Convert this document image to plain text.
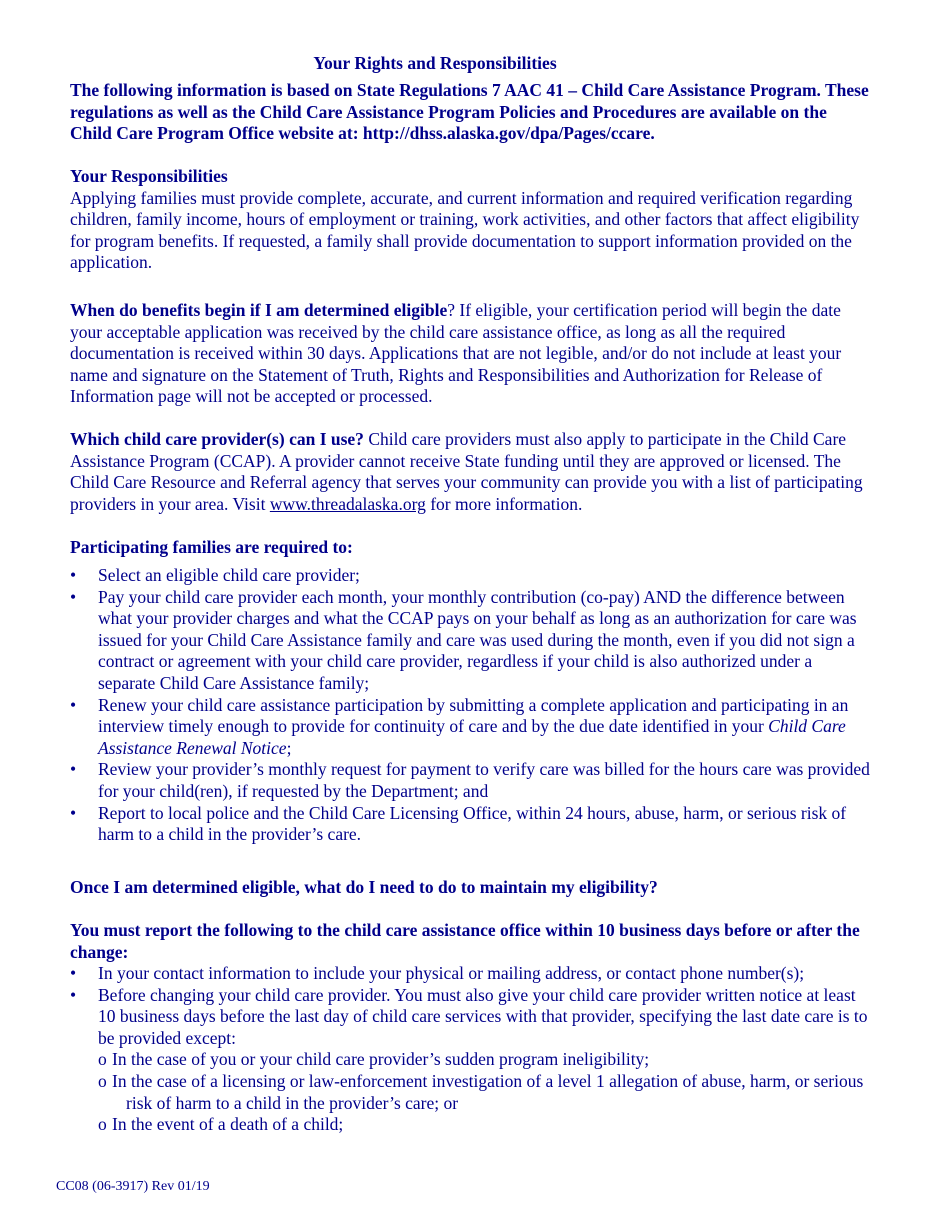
Your Rights and Responsibilities
The following information is based on State Regulations 7 AAC 41 – Child Care Assistance Program. These regulations as well as the Child Care Assistance Program Policies and Procedures are available on the Child Care Program Office website at: http://dhss.alaska.gov/dpa/Pages/ccare.
Your Responsibilities
Applying families must provide complete, accurate, and current information and required verification regarding children, family income, hours of employment or training, work activities, and other factors that affect eligibility for program benefits. If requested, a family shall provide documentation to support information provided on the application.
When do benefits begin if I am determined eligible? If eligible, your certification period will begin the date your acceptable application was received by the child care assistance office, as long as all the required documentation is received within 30 days. Applications that are not legible, and/or do not include at least your name and signature on the Statement of Truth, Rights and Responsibilities and Authorization for Release of Information page will not be accepted or processed.
Which child care provider(s) can I use? Child care providers must also apply to participate in the Child Care Assistance Program (CCAP). A provider cannot receive State funding until they are approved or licensed. The Child Care Resource and Referral agency that serves your community can provide you with a list of participating providers in your area. Visit www.threadalaska.org for more information.
Participating families are required to:
• Select an eligible child care provider;
• Pay your child care provider each month, your monthly contribution (co-pay) AND the difference between what your provider charges and what the CCAP pays on your behalf as long as an authorization for care was issued for your Child Care Assistance family and care was used during the month, even if you did not sign a contract or agreement with your child care provider, regardless if your child is also authorized under a separate Child Care Assistance family;
• Renew your child care assistance participation by submitting a complete application and participating in an interview timely enough to provide for continuity of care and by the due date identified in your Child Care Assistance Renewal Notice;
• Review your provider’s monthly request for payment to verify care was billed for the hours care was provided for your child(ren), if requested by the Department; and
• Report to local police and the Child Care Licensing Office, within 24 hours, abuse, harm, or serious risk of harm to a child in the provider’s care.
Once I am determined eligible, what do I need to do to maintain my eligibility?
You must report the following to the child care assistance office within 10 business days before or after the change:
• In your contact information to include your physical or mailing address, or contact phone number(s);
• Before changing your child care provider. You must also give your child care provider written notice at least 10 business days before the last day of child care services with that provider, specifying the last date care is to be provided except:
o In the case of you or your child care provider’s sudden program ineligibility;
o In the case of a licensing or law-enforcement investigation of a level 1 allegation of abuse, harm, or serious risk of harm to a child in the provider’s care; or
o In the event of a death of a child;
CC08 (06-3917) Rev 01/19
